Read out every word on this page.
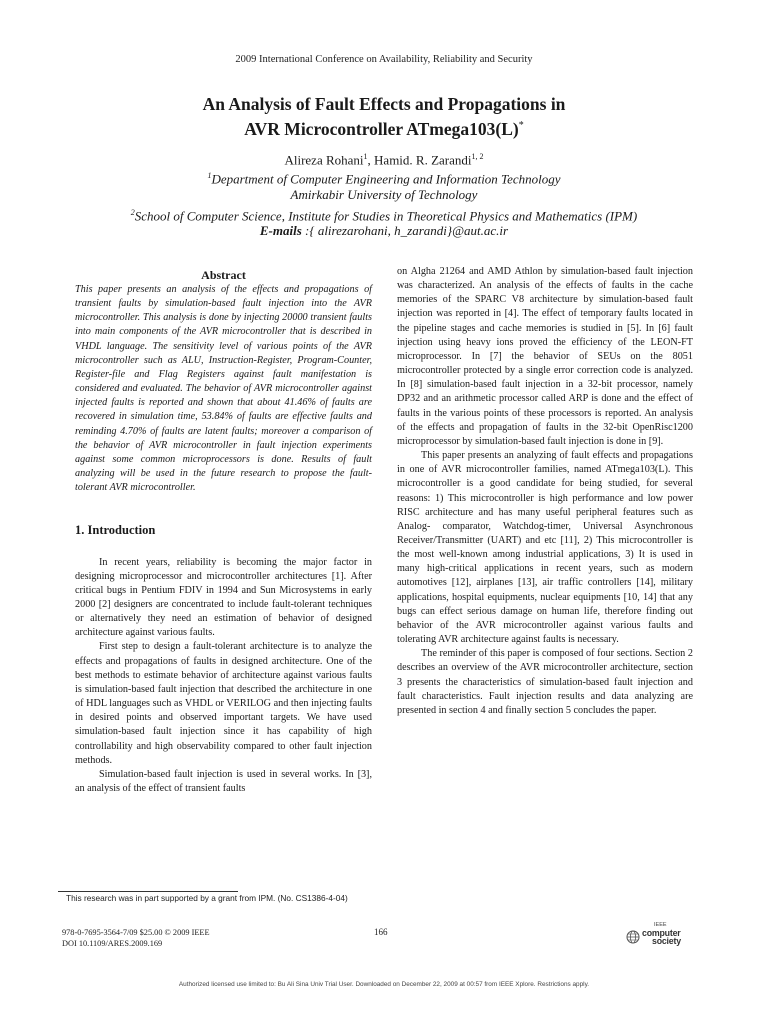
2009 International Conference on Availability, Reliability and Security
An Analysis of Fault Effects and Propagations in
AVR Microcontroller ATmega103(L)*
Alireza Rohani$^1$, Hamid. R. Zarandi$^{1, 2}$
$^1$Department of Computer Engineering and Information Technology
Amirkabir University of Technology
$^2$School of Computer Science, Institute for Studies in Theoretical Physics and Mathematics (IPM)
E-mails :{ alirezarohani, h_zarandi}@aut.ac.ir
Abstract

This paper presents an analysis of the effects and propagations of transient faults by simulation-based fault injection into the AVR microcontroller. This analysis is done by injecting 20000 transient faults into main components of the AVR microcontroller that is described in VHDL language. The sensitivity level of various points of the AVR microcontroller such as ALU, Instruction-Register, Program-Counter, Register-file and Flag Registers against fault manifestation is considered and evaluated. The behavior of AVR microcontroller against injected faults is reported and shown that about 41.46% of faults are recovered in simulation time, 53.84% of faults are effective faults and reminding 4.70% of faults are latent faults; moreover a comparison of the behavior of AVR microcontroller in fault injection experiments against some common microprocessors is done. Results of fault analyzing will be used in the future research to propose the fault-tolerant AVR microcontroller.

1. Introduction

In recent years, reliability is becoming the major factor in designing microprocessor and microcontroller architectures [1]. After critical bugs in Pentium FDIV in 1994 and Sun Microsystems in early 2000 [2] designers are concentrated to include fault-tolerant techniques or alternatively they need an estimation of behavior of designed architecture against various faults.

First step to design a fault-tolerant architecture is to analyze the effects and propagations of faults in designed architecture. One of the best methods to estimate behavior of architecture against various faults is simulation-based fault injection that described the architecture in one of HDL languages such as VHDL or VERILOG and then injecting faults in desired points and observed important targets. We have used simulation-based fault injection since it has capability of high controllability and high observability compared to other fault injection methods.

Simulation-based fault injection is used in several works. In [3], an analysis of the effect of transient faults

on Algha 21264 and AMD Athlon by simulation-based fault injection was characterized. An analysis of the effects of faults in the cache memories of the SPARC V8 architecture by simulation-based fault injection was reported in [4]. The effect of temporary faults located in the pipeline stages and cache memories is studied in [5]. In [6] fault injection using heavy ions proved the efficiency of the LEON-FT microprocessor. In [7] the behavior of SEUs on the 8051 microcontroller protected by a single error correction code is analyzed. In [8] simulation-based fault injection in a 32-bit processor, namely DP32 and an arithmetic processor called ARP is done and the effect of faults in the various points of these processors is reported. An analysis of the effects and propagation of faults in the 32-bit OpenRisc1200 microprocessor by simulation-based fault injection is done in [9].

This paper presents an analyzing of fault effects and propagations in one of AVR microcontroller families, named ATmega103(L). This microcontroller is a good candidate for being studied, for several reasons: 1) This microcontroller is high performance and low power RISC architecture and has many useful peripheral features such as Analog- comparator, Watchdog-timer, Universal Asynchronous Receiver/Transmitter (UART) and etc [11], 2) This microcontroller is the most well-known among industrial applications, 3) It is used in many high-critical applications in recent years, such as modern automotives [12], airplanes [13], air traffic controllers [14], military applications, hospital equipments, nuclear equipments [10, 14] that any bugs can effect serious damage on human life, therefore finding out behavior of the AVR microcontroller against various faults and tolerating AVR architecture against faults is necessary.

The reminder of this paper is composed of four sections. Section 2 describes an overview of the AVR microcontroller architecture, section 3 presents the characteristics of simulation-based fault injection and fault characteristics. Fault injection results and data analyzing are presented in section 4 and finally section 5 concludes the paper.

This research was in part supported by a grant from IPM. (No. CS1386-4-04)
978-0-7695-3564-7/09 $25.00 © 2009 IEEE
DOI 10.1109/ARES.2009.169
166
IEEE
computer
society
Authorized licensed use limited to: Bu Ali Sina Univ Trial User. Downloaded on December 22, 2009 at 00:57 from IEEE Xplore. Restrictions apply.
